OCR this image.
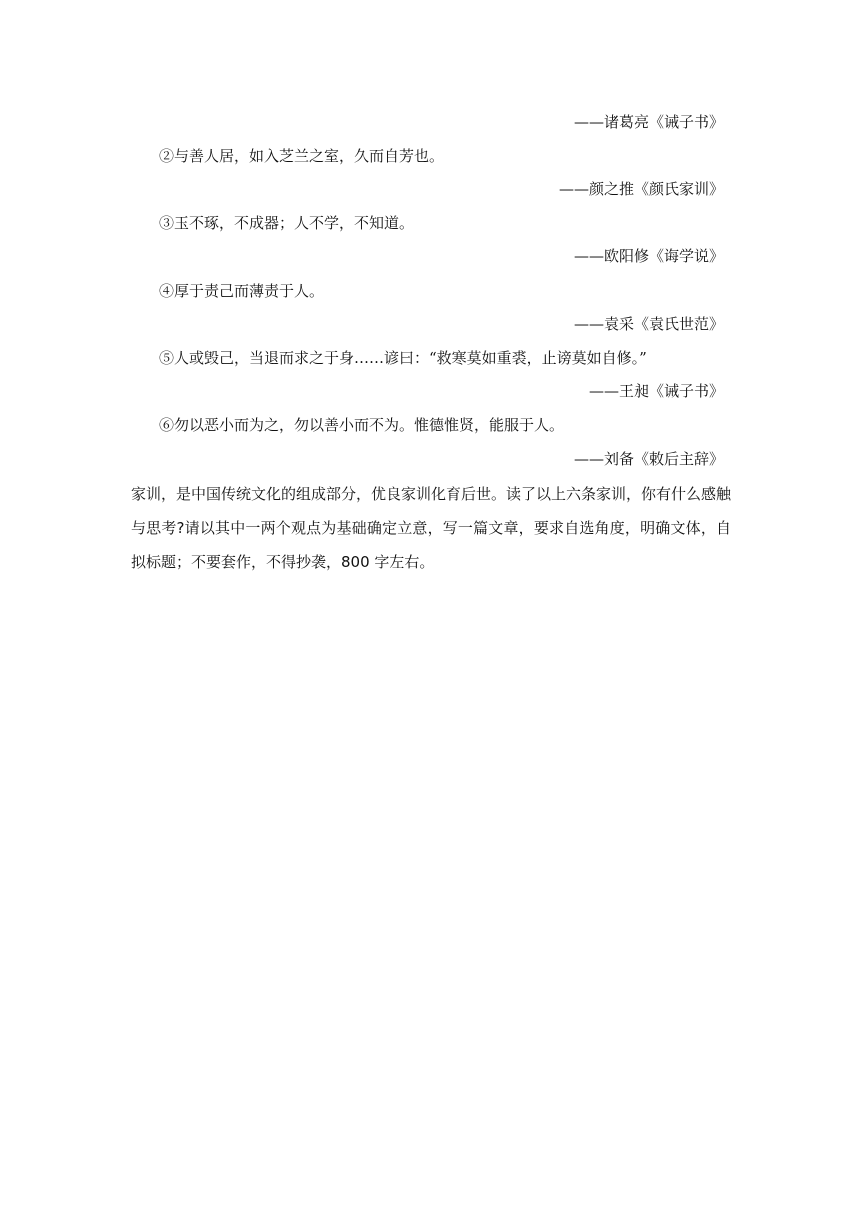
——诸葛亮《诫子书》
②与善人居，如入芝兰之室，久而自芳也。
——颜之推《颜氏家训》
③玉不琢，不成器；人不学，不知道。
——欧阳修《诲学说》
④厚于责己而薄责于人。
——袁采《袁氏世范》
⑤人或毁己，当退而求之于身……谚曰：“救寒莫如重裘，止谤莫如自修。”
——王昶《诫子书》
⑥勿以恶小而为之，勿以善小而不为。惟德惟贤，能服于人。
——刘备《敕后主辞》
家训，是中国传统文化的组成部分，优良家训化育后世。读了以上六条家训，你有什么感触与思考?请以其中一两个观点为基础确定立意，写一篇文章，要求自选角度，明确文体，自拟标题；不要套作，不得抄袭，800 字左右。
